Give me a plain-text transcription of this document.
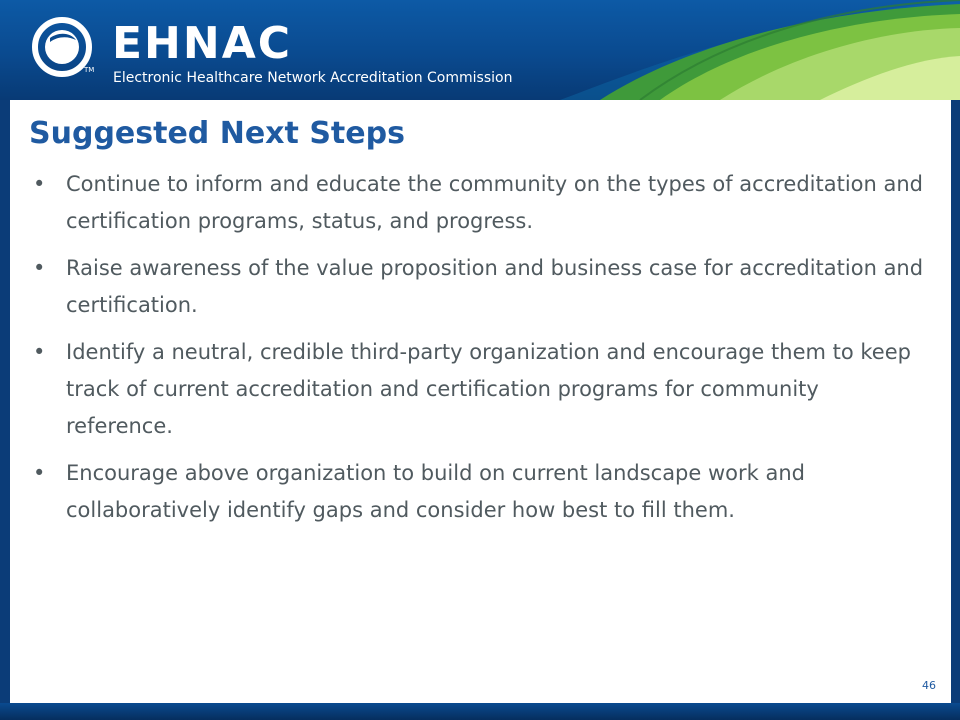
TM
EHNAC
Electronic Healthcare Network Accreditation Commission
Suggested Next Steps
• Continue to inform and educate the community on the types of accreditation and certification programs, status, and progress.
• Raise awareness of the value proposition and business case for accreditation and certification.
• Identify a neutral, credible third-party organization and encourage them to keep track of current accreditation and certification programs for community reference.
• Encourage above organization to build on current landscape work and collaboratively identify gaps and consider how best to fill them.
46
